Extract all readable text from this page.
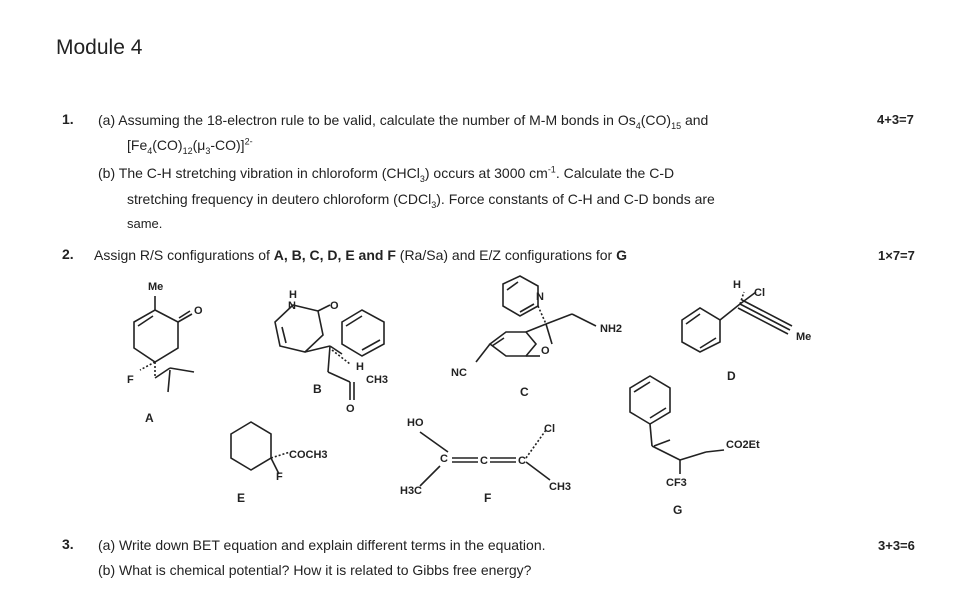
Module 4
1. (a) Assuming the 18-electron rule to be valid, calculate the number of M-M bonds in $Os_4(CO)_{15}$ and
$[Fe_4(CO)_{12}(\mu_3-CO)]^{2-}$
4+3=7
(b) The C-H stretching vibration in chloroform (CHCl$_3$) occurs at 3000 $cm^{-1}$. Calculate the C-D
stretching frequency in deutero chloroform (CDCl$_3$). Force constants of C-H and C-D bonds are
same.
2. Assign R/S configurations of A, B, C, D, E and F (Ra/Sa) and E/Z configurations for G	1×7=7
Me
O
F
A
H
N	O
H
CH3
B
O
N
NH2
O
NC
C
H
Cl
Me
D
COCH3
F
E
HO	Cl
C	C	C
CH3
H3C	F
CO2Et
CF3
G
3. (a) Write down BET equation and explain different terms in the equation.
(b) What is chemical potential? How it is related to Gibbs free energy?
3+3=6
